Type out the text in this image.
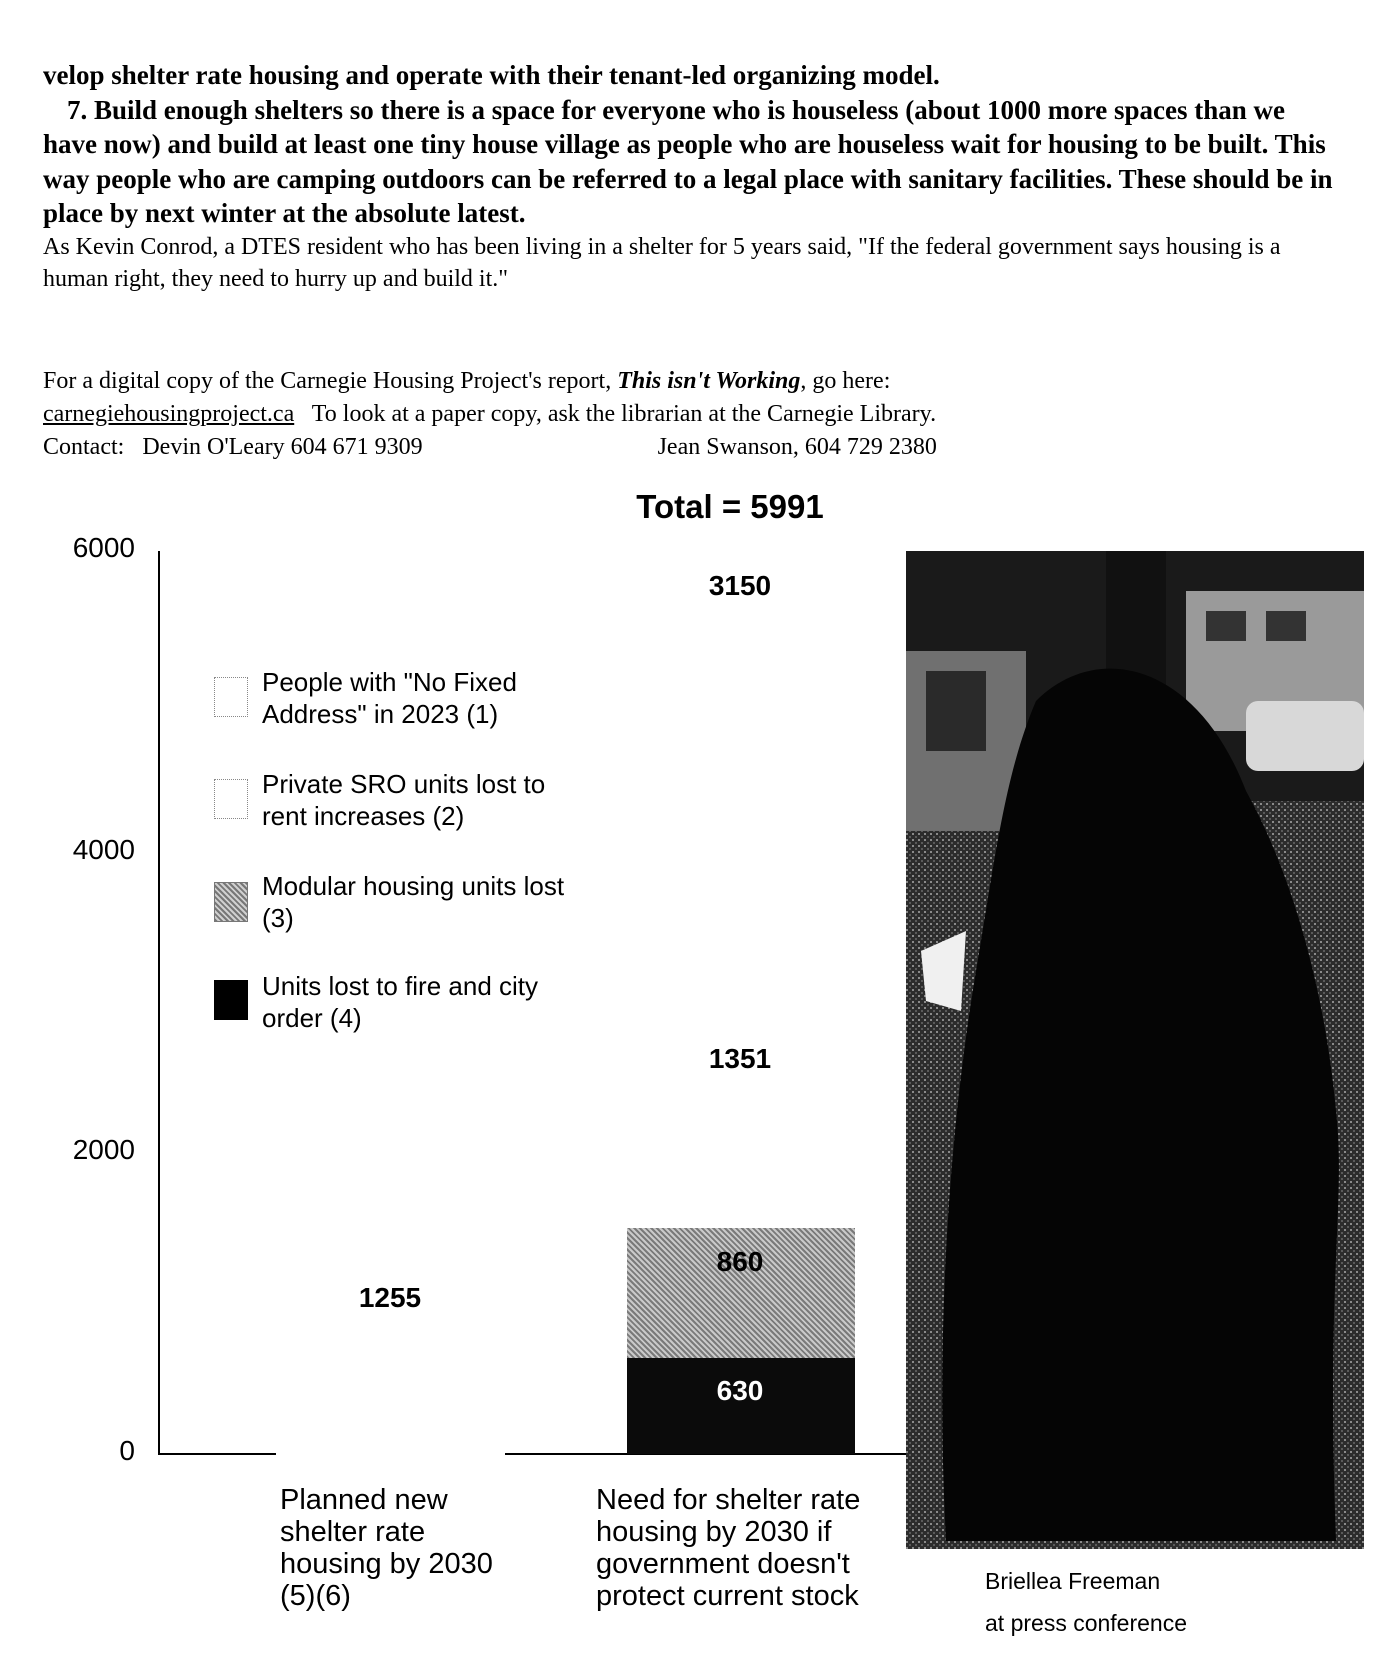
velop shelter rate housing and operate with their tenant-led organizing model.

7. Build enough shelters so there is a space for everyone who is houseless (about 1000 more spaces than we have now) and build at least one tiny house village as people who are houseless wait for housing to be built. This way people who are camping outdoors can be referred to a legal place with sanitary facilities. These should be in place by next winter at the absolute latest.

As Kevin Conrod, a DTES resident who has been living in a shelter for 5 years said, "If the federal government says housing is a human right, they need to hurry up and build it."

For a digital copy of the Carnegie Housing Project's report, This isn't Working, go here:
carnegiehousingproject.ca To look at a paper copy, ask the librarian at the Carnegie Library.
Contact: Devin O'Leary 604 671 9309	Jean Swanson, 604 729 2380
Total = 5991
6000
4000
2000
0
People with "No Fixed Address" in 2023 (1)
Private SRO units lost to rent increases (2)
Modular housing units lost (3)
Units lost to fire and city order (4)
1255
3150
1351
860
630
Planned new shelter rate housing by 2030 (5)(6)
Need for shelter rate housing by 2030 if government doesn't protect current stock	Briellea Freeman
at press conference
